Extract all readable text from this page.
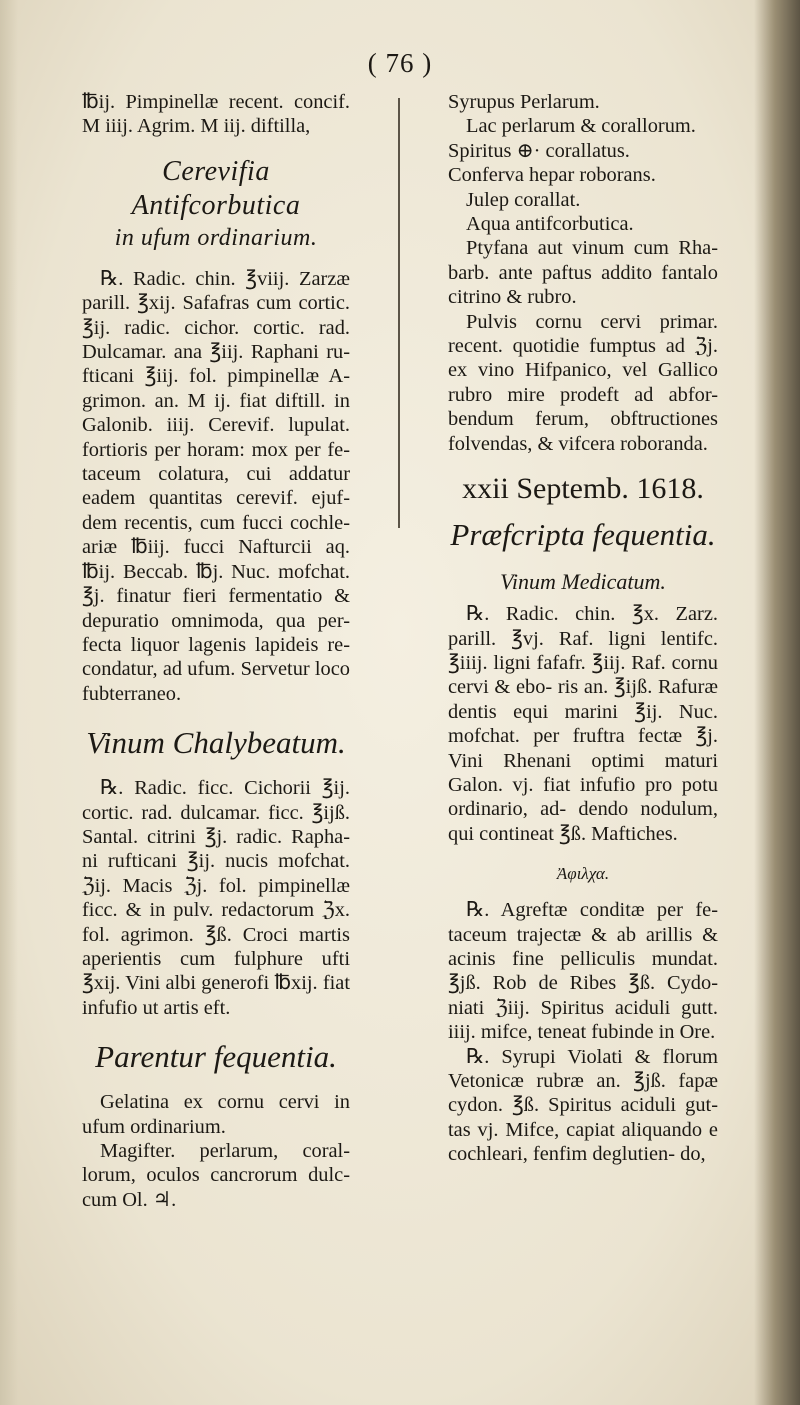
( 76 )

℔ij. Pimpinellæ recent. concif. M iiij. Agrim. M iij. diftilla,

Cerevifia Antifcorbutica
in ufum ordinarium.

℞. Radic. chin. ℥viij. Zarzæ parill. ℥xij. Safafras cum cortic. ℥ij. radic. cichor. cortic. rad. Dulcamar. ana ℥iij. Raphani ru- fticani ℥iij. fol. pimpinellæ A- grimon. an. M ij. fiat diftill. in Galonib. iiij. Cerevif. lupulat. fortioris per horam: mox per fe- taceum colatura, cui addatur eadem quantitas cerevif. ejuf- dem recentis, cum fucci cochle- ariæ ℔iij. fucci Nafturcii aq. ℔ij. Beccab. ℔j. Nuc. mofchat. ℥j. finatur fieri fermentatio & depuratio omnimoda, qua per- fecta liquor lagenis lapideis re- condatur, ad ufum. Servetur loco fubterraneo.

Vinum Chalybeatum.

℞. Radic. ficc. Cichorii ℥ij. cortic. rad. dulcamar. ficc. ℥ijß. Santal. citrini ℥j. radic. Rapha- ni rufticani ℥ij. nucis mofchat. ℨij. Macis ℨj. fol. pimpinellæ ficc. & in pulv. redactorum ℨx. fol. agrimon. ℥ß. Croci martis aperientis cum fulphure ufti ℥xij. Vini albi generofi ℔xij. fiat infufio ut artis eft.

Parentur fequentia.

Gelatina ex cornu cervi in ufum ordinarium.

Magifter. perlarum, coral- lorum, oculos cancrorum dulc- cum Ol. ♃.

Syrupus Perlarum.

Lac perlarum & corallorum.

Spiritus ⊕· corallatus.

Conferva hepar roborans.

Julep corallat.

Aqua antifcorbutica.

Ptyfana aut vinum cum Rha- barb. ante paftus addito fantalo citrino & rubro.

Pulvis cornu cervi primar. recent. quotidie fumptus ad ℨj. ex vino Hifpanico, vel Gallico rubro mire prodeft ad abfor- bendum ferum, obftructiones folvendas, & vifcera roboranda.

xxii Septemb. 1618.
Præfcripta fequentia.
Vinum Medicatum.

℞. Radic. chin. ℥x. Zarz. parill. ℥vj. Raf. ligni lentifc. ℥iiij. ligni fafafr. ℥iij. Raf. cornu cervi & ebo- ris an. ℥ijß. Rafuræ dentis equi marini ℥ij. Nuc. mofchat. per fruftra fectæ ℥j. Vini Rhenani optimi maturi Galon. vj. fiat infufio pro potu ordinario, ad- dendo nodulum, qui contineat ℥ß. Maftiches.

Ἀφιλχα.

℞. Agreftæ conditæ per fe- taceum trajectæ & ab arillis & acinis fine pelliculis mundat. ℥jß. Rob de Ribes ℥ß. Cydo- niati ℨiij. Spiritus aciduli gutt. iiij. mifce, teneat fubinde in Ore.

℞. Syrupi Violati & florum Vetonicæ rubræ an. ℥jß. fapæ cydon. ℥ß. Spiritus aciduli gut- tas vj. Mifce, capiat aliquando e cochleari, fenfim deglutien- do,
